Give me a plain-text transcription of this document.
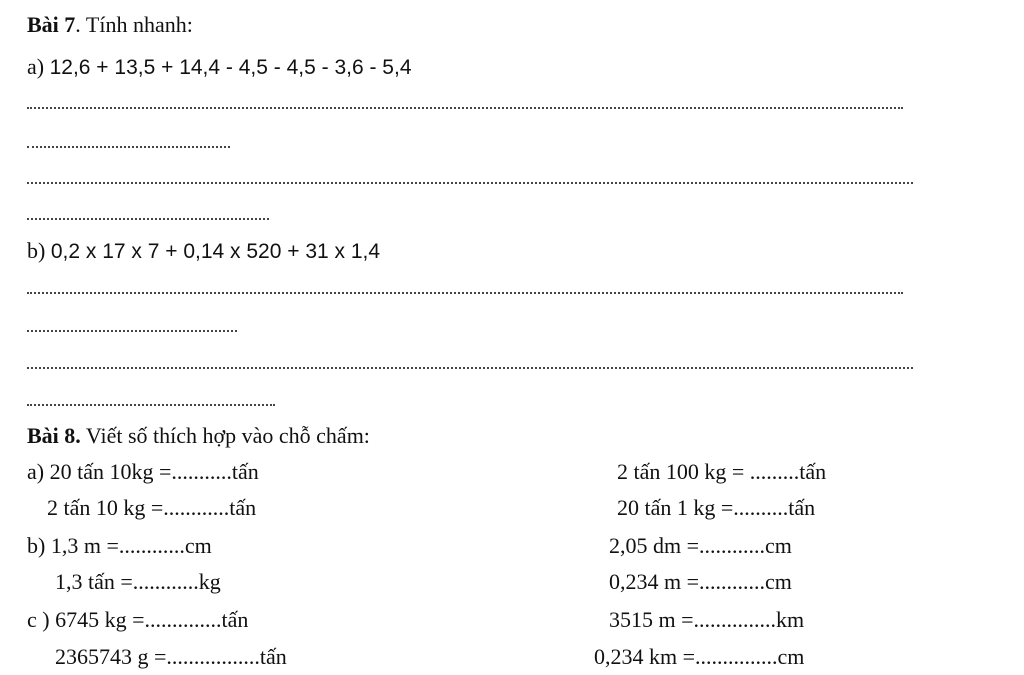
Bài 7. Tính nhanh:
a) 12,6 + 13,5 + 14,4 - 4,5 - 4,5 - 3,6 - 5,4
b) 0,2 x 17 x 7 + 0,14 x 520 + 31 x 1,4
Bài 8. Viết số thích hợp vào chỗ chấm:
a) 20 tấn 10kg =...........tấn	2 tấn 100 kg = .........tấn
2 tấn 10 kg =............tấn	20 tấn 1 kg =..........tấn
b) 1,3 m =............cm	2,05 dm =............cm
1,3 tấn =............kg	0,234 m =............cm
c ) 6745 kg =..............tấn	3515 m =...............km
2365743 g =.................tấn	0,234 km =...............cm
